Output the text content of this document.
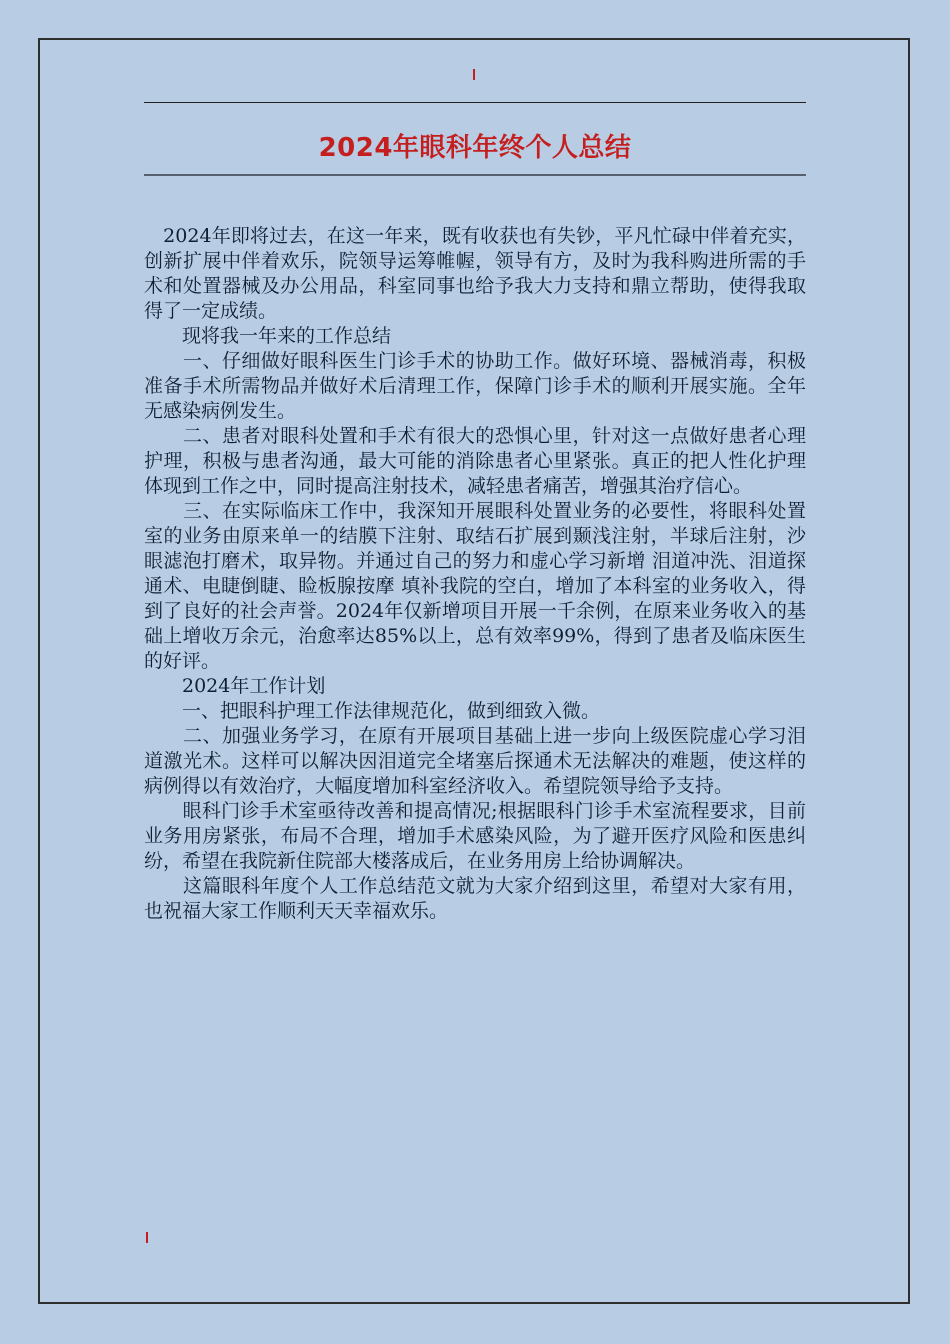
2024年眼科年终个人总结

　2024年即将过去，在这一年来，既有收获也有失钞，平凡忙碌中伴着充实，创新扩展中伴着欢乐，院领导运筹帷幄，领导有方，及时为我科购进所需的手术和处置器械及办公用品，科室同事也给予我大力支持和鼎立帮助，使得我取得了一定成绩。

　　现将我一年来的工作总结

　　一、仔细做好眼科医生门诊手术的协助工作。做好环境、器械消毒，积极准备手术所需物品并做好术后清理工作，保障门诊手术的顺利开展实施。全年无感染病例发生。

　　二、患者对眼科处置和手术有很大的恐惧心里，针对这一点做好患者心理护理，积极与患者沟通，最大可能的消除患者心里紧张。真正的把人性化护理体现到工作之中，同时提高注射技术，减轻患者痛苦，增强其治疗信心。

　　三、在实际临床工作中，我深知开展眼科处置业务的必要性，将眼科处置室的业务由原来单一的结膜下注射、取结石扩展到颞浅注射，半球后注射，沙眼滤泡打磨术，取异物。并通过自己的努力和虚心学习新增 泪道冲洗、泪道探通术、电睫倒睫、睑板腺按摩 填补我院的空白，增加了本科室的业务收入，得到了良好的社会声誉。2024年仅新增项目开展一千余例，在原来业务收入的基础上增收万余元，治愈率达85%以上，总有效率99%，得到了患者及临床医生的好评。

　　2024年工作计划

　　一、把眼科护理工作法律规范化，做到细致入微。

　　二、加强业务学习，在原有开展项目基础上进一步向上级医院虚心学习泪道激光术。这样可以解决因泪道完全堵塞后探通术无法解决的难题，使这样的病例得以有效治疗，大幅度增加科室经济收入。希望院领导给予支持。

　　眼科门诊手术室亟待改善和提高情况;根据眼科门诊手术室流程要求，目前业务用房紧张，布局不合理，增加手术感染风险，为了避开医疗风险和医患纠纷，希望在我院新住院部大楼落成后，在业务用房上给协调解决。

　　这篇眼科年度个人工作总结范文就为大家介绍到这里，希望对大家有用，也祝福大家工作顺利天天幸福欢乐。
